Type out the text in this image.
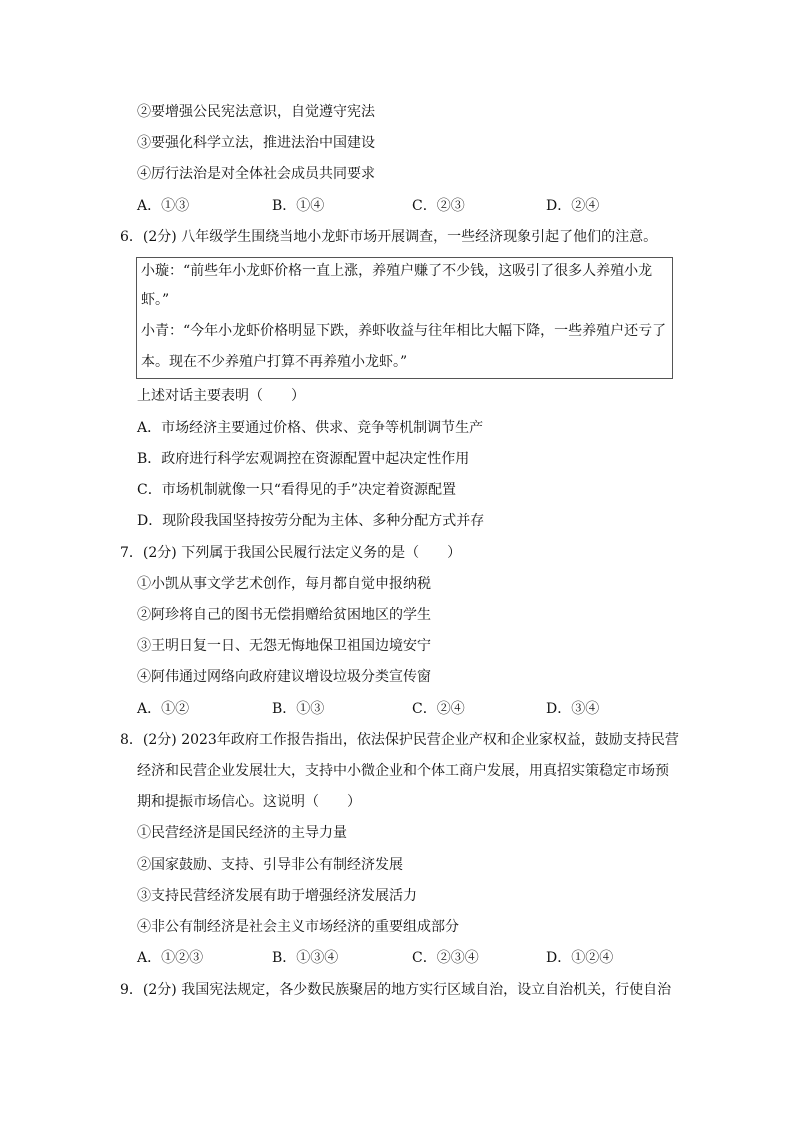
②要增强公民宪法意识，自觉遵守宪法
③要强化科学立法，推进法治中国建设
④厉行法治是对全体社会成员共同要求
A．①③	B．①④	C．②③	D．②④
6．(2分) 八年级学生围绕当地小龙虾市场开展调查，一些经济现象引起了他们的注意。
小璇：“前些年小龙虾价格一直上涨，养殖户赚了不少钱，这吸引了很多人养殖小龙
虾。”
小青：“今年小龙虾价格明显下跌，养虾收益与往年相比大幅下降，一些养殖户还亏了
本。现在不少养殖户打算不再养殖小龙虾。”
上述对话主要表明（　　）
A．市场经济主要通过价格、供求、竞争等机制调节生产
B．政府进行科学宏观调控在资源配置中起决定性作用
C．市场机制就像一只“看得见的手”决定着资源配置
D．现阶段我国坚持按劳分配为主体、多种分配方式并存
7．(2分) 下列属于我国公民履行法定义务的是（　　）
①小凯从事文学艺术创作，每月都自觉申报纳税
②阿珍将自己的图书无偿捐赠给贫困地区的学生
③王明日复一日、无怨无悔地保卫祖国边境安宁
④阿伟通过网络向政府建议增设垃圾分类宣传窗
A．①②	B．①③	C．②④	D．③④
8．(2分) 2023年政府工作报告指出，依法保护民营企业产权和企业家权益，鼓励支持民营
经济和民营企业发展壮大，支持中小微企业和个体工商户发展，用真招实策稳定市场预
期和提振市场信心。这说明（　　）
①民营经济是国民经济的主导力量
②国家鼓励、支持、引导非公有制经济发展
③支持民营经济发展有助于增强经济发展活力
④非公有制经济是社会主义市场经济的重要组成部分
A．①②③	B．①③④	C．②③④	D．①②④
9．(2分) 我国宪法规定，各少数民族聚居的地方实行区域自治，设立自治机关，行使自治
